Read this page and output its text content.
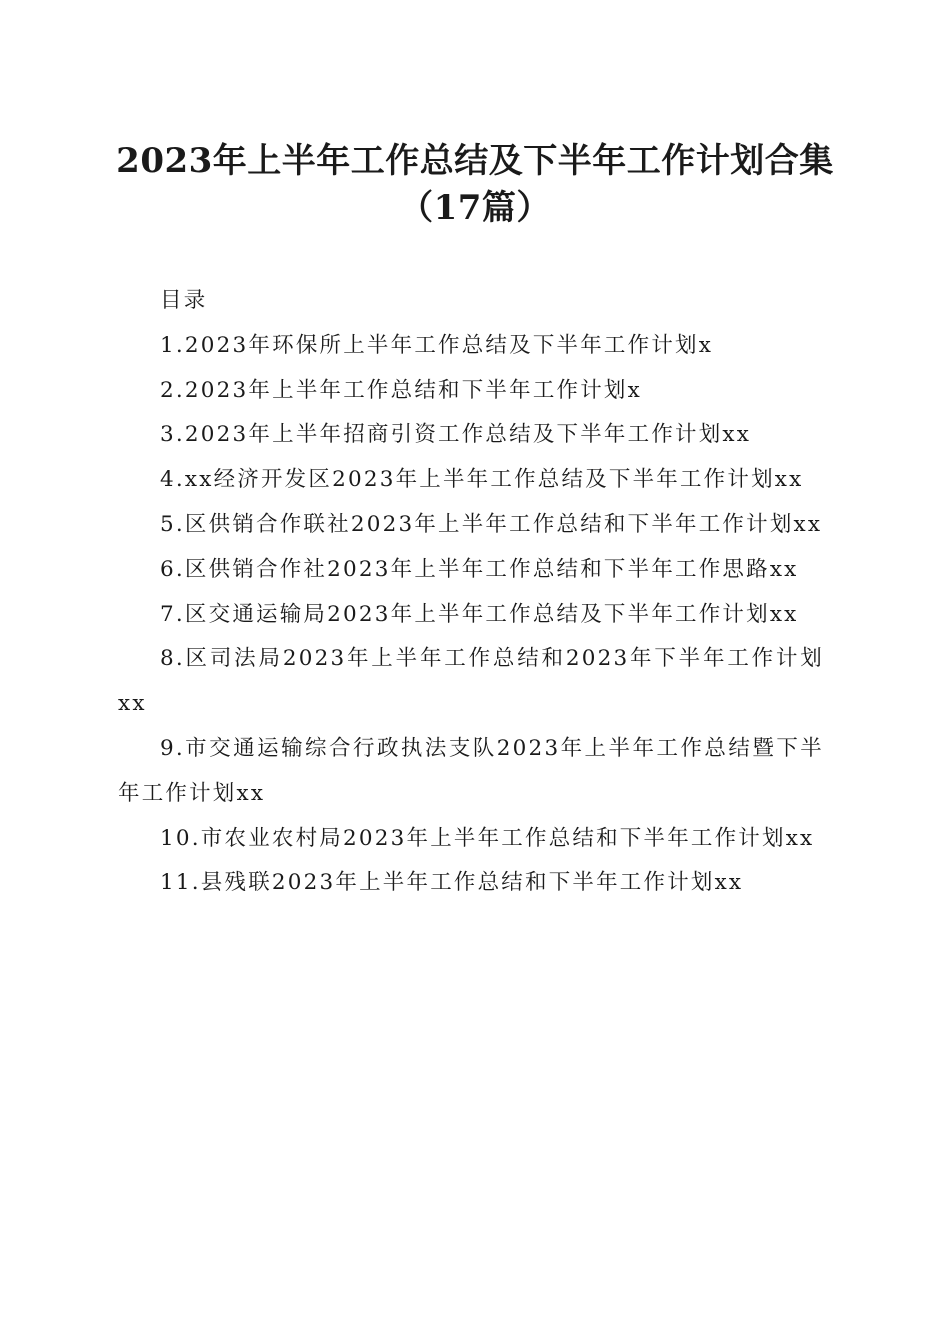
2023年上半年工作总结及下半年工作计划合集（17篇）

目录

1.2023年环保所上半年工作总结及下半年工作计划x
2.2023年上半年工作总结和下半年工作计划x
3.2023年上半年招商引资工作总结及下半年工作计划xx
4.xx经济开发区2023年上半年工作总结及下半年工作计划xx
5.区供销合作联社2023年上半年工作总结和下半年工作计划xx
6.区供销合作社2023年上半年工作总结和下半年工作思路xx
7.区交通运输局2023年上半年工作总结及下半年工作计划xx
8.区司法局2023年上半年工作总结和2023年下半年工作计划xx
9.市交通运输综合行政执法支队2023年上半年工作总结暨下半年工作计划xx
10.市农业农村局2023年上半年工作总结和下半年工作计划xx
11.县残联2023年上半年工作总结和下半年工作计划xx
